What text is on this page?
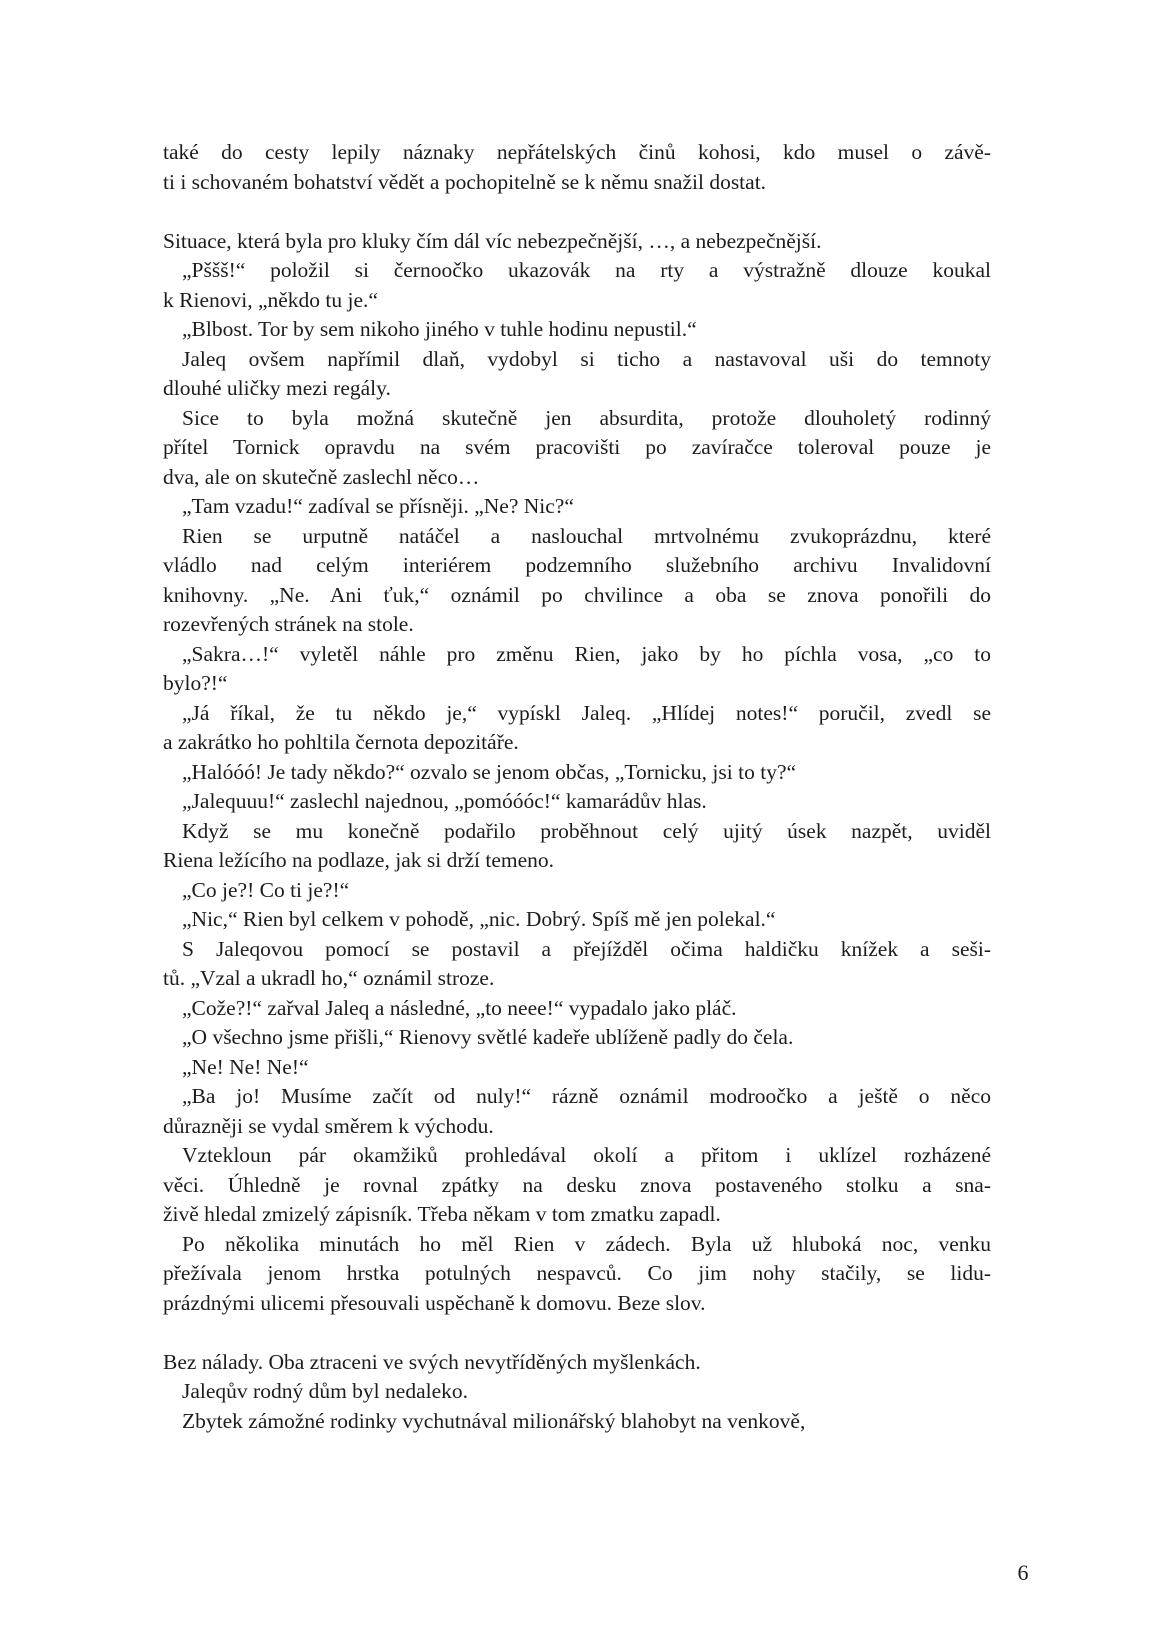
také do cesty lepily náznaky nepřátelských činů kohosi, kdo musel o závě-
ti i schovaném bohatství vědět a pochopitelně se k němu snažil dostat.
Situace, která byla pro kluky čím dál víc nebezpečnější, …, a nebezpečnější.
„Pššš!“ položil si černoočko ukazovák na rty a výstražně dlouze koukal
k Rienovi, „někdo tu je.“
„Blbost. Tor by sem nikoho jiného v tuhle hodinu nepustil.“
Jaleq ovšem napřímil dlaň, vydobyl si ticho a nastavoval uši do temnoty
dlouhé uličky mezi regály.
Sice to byla možná skutečně jen absurdita, protože dlouholetý rodinný
přítel Tornick opravdu na svém pracovišti po zavíračce toleroval pouze je
dva, ale on skutečně zaslechl něco…
„Tam vzadu!“ zadíval se přísněji. „Ne? Nic?“
Rien se urputně natáčel a naslouchal mrtvolnému zvukoprázdnu, které
vládlo nad celým interiérem podzemního služebního archivu Invalidovní
knihovny. „Ne. Ani ťuk,“ oznámil po chvilince a oba se znova ponořili do
rozevřených stránek na stole.
„Sakra…!“ vyletěl náhle pro změnu Rien, jako by ho píchla vosa, „co to
bylo?!“
„Já říkal, že tu někdo je,“ vypískl Jaleq. „Hlídej notes!“ poručil, zvedl se
a zakrátko ho pohltila černota depozitáře.
„Halóóó! Je tady někdo?“ ozvalo se jenom občas, „Tornicku, jsi to ty?“
„Jalequuu!“ zaslechl najednou, „pomóóóc!“ kamarádův hlas.
Když se mu konečně podařilo proběhnout celý ujitý úsek nazpět, uviděl
Riena ležícího na podlaze, jak si drží temeno.
„Co je?! Co ti je?!“
„Nic,“ Rien byl celkem v pohodě, „nic. Dobrý. Spíš mě jen polekal.“
S Jaleqovou pomocí se postavil a přejížděl očima haldičku knížek a seši-
tů. „Vzal a ukradl ho,“ oznámil stroze.
„Cože?!“ zařval Jaleq a následné, „to neee!“ vypadalo jako pláč.
„O všechno jsme přišli,“ Rienovy světlé kadeře ublíženě padly do čela.
„Ne! Ne! Ne!“
„Ba jo! Musíme začít od nuly!“ rázně oznámil modroočko a ještě o něco
důrazněji se vydal směrem k východu.
Vztekloun pár okamžiků prohledával okolí a přitom i uklízel rozházené
věci. Úhledně je rovnal zpátky na desku znova postaveného stolku a sna-
živě hledal zmizelý zápisník. Třeba někam v tom zmatku zapadl.
Po několika minutách ho měl Rien v zádech. Byla už hluboká noc, venku
přežívala jenom hrstka potulných nespavců. Co jim nohy stačily, se lidu-
prázdnými ulicemi přesouvali uspěchaně k domovu. Beze slov.
Bez nálady. Oba ztraceni ve svých nevytříděných myšlenkách.
Jaleqův rodný dům byl nedaleko.
Zbytek zámožné rodinky vychutnával milionářský blahobyt na venkově,
6
